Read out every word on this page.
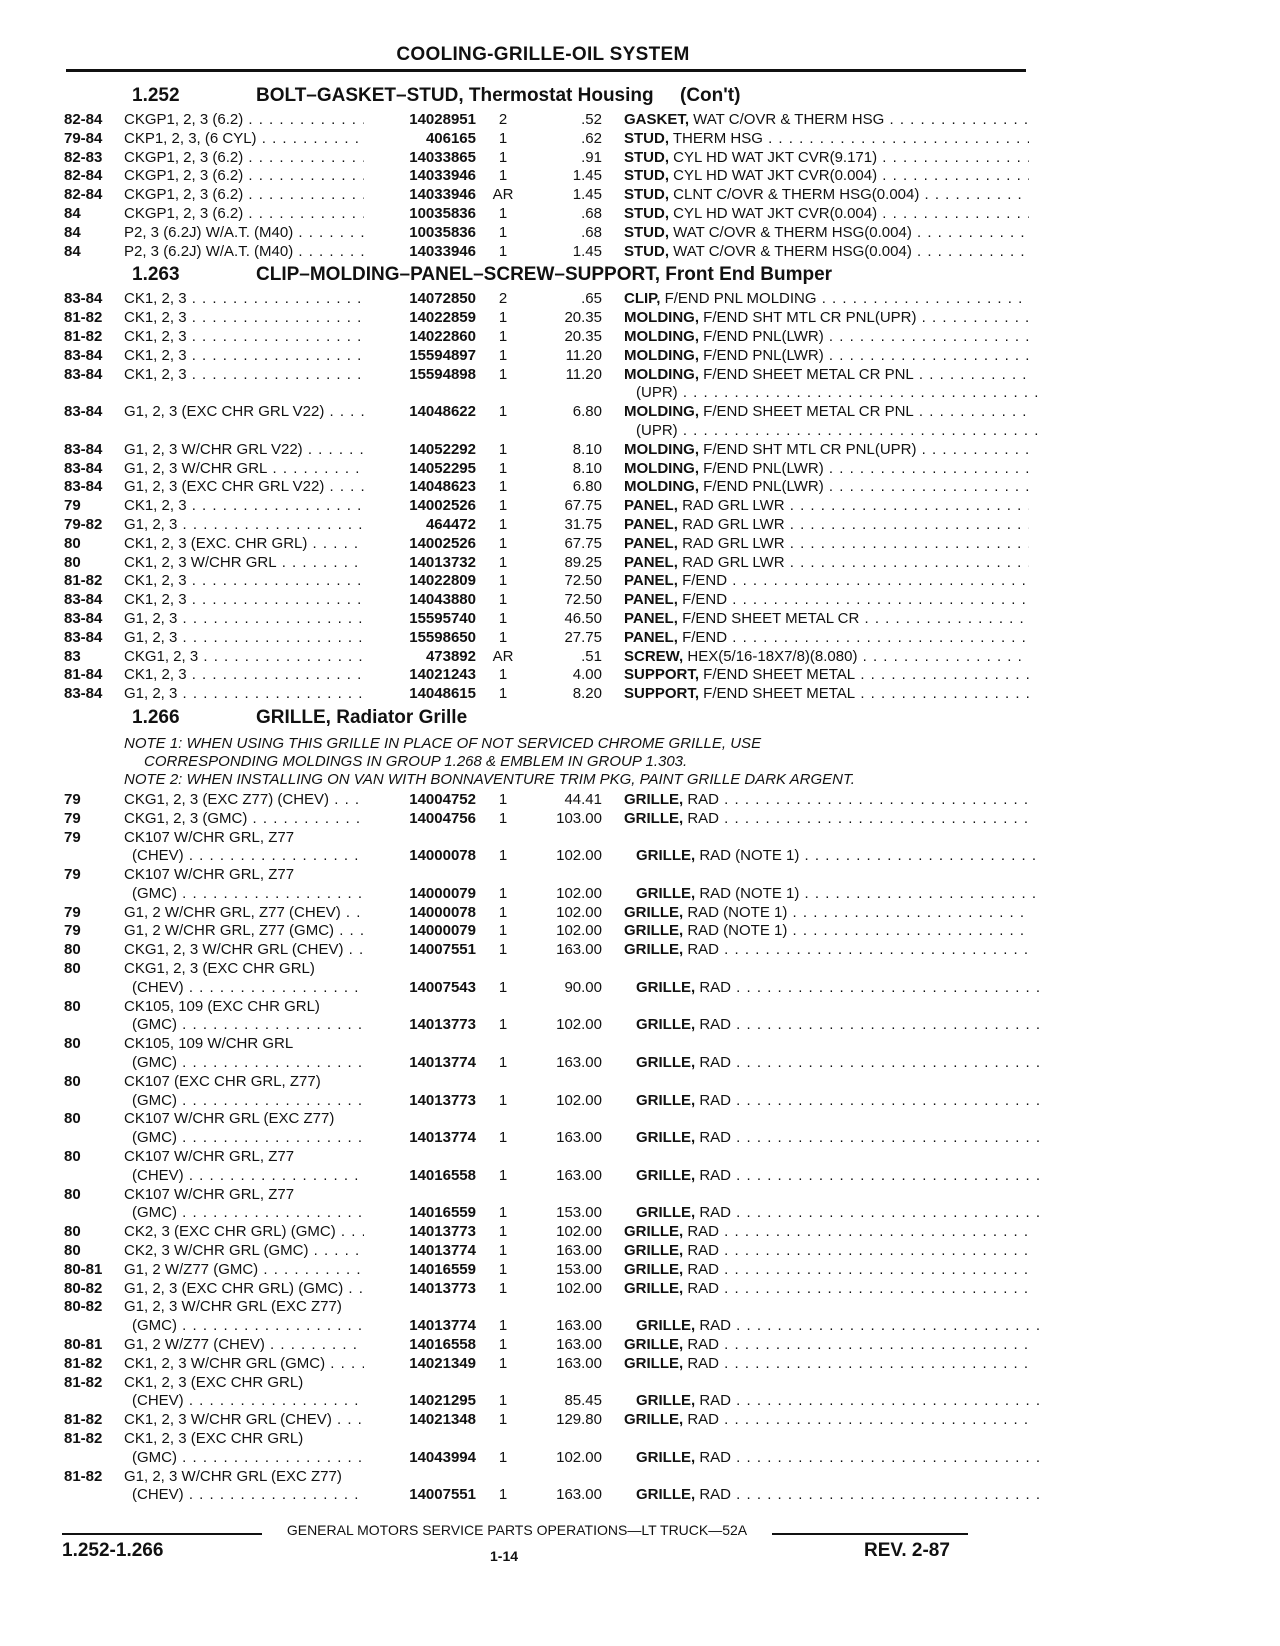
COOLING-GRILLE-OIL SYSTEM
1.252	BOLT–GASKET–STUD, Thermostat Housing     (Con't)
82-84	CKGP1, 2, 3 (6.2) . . .	14028951	2	.52 GASKET, WAT C/OVR & THERM HSG . . .
79-84	CKP1, 2, 3, (6 CYL) . . .	406165	1	.62 STUD, THERM HSG . . .
82-83	CKGP1, 2, 3 (6.2) . . .	14033865	1	.91 STUD, CYL HD WAT JKT CVR(9.171) . . .
82-84	CKGP1, 2, 3 (6.2) . . .	14033946	1	1.45 STUD, CYL HD WAT JKT CVR(0.004) . . .
82-84	CKGP1, 2, 3 (6.2) . . .	14033946	AR	1.45 STUD, CLNT C/OVR & THERM HSG(0.004) . . .
84	CKGP1, 2, 3 (6.2) . . .	10035836	1	.68 STUD, CYL HD WAT JKT CVR(0.004) . . .
84	P2, 3 (6.2J) W/A.T. (M40) . . .	10035836	1	.68 STUD, WAT C/OVR & THERM HSG(0.004) . . .
84	P2, 3 (6.2J) W/A.T. (M40) . . .	14033946	1	1.45 STUD, WAT C/OVR & THERM HSG(0.004) . . .
1.263	CLIP–MOLDING–PANEL–SCREW–SUPPORT, Front End Bumper
83-84	CK1, 2, 3 . . .	14072850	2	.65 CLIP, F/END PNL MOLDING . . .
81-82	CK1, 2, 3 . . .	14022859	1	20.35 MOLDING, F/END SHT MTL CR PNL(UPR) . . .
81-82	CK1, 2, 3 . . .	14022860	1	20.35 MOLDING, F/END PNL(LWR) . . .
83-84	CK1, 2, 3 . . .	15594897	1	11.20 MOLDING, F/END PNL(LWR) . . .
83-84	CK1, 2, 3 . . .	15594898	1	11.20 MOLDING, F/END SHEET METAL CR PNL . . .
(UPR) . . .
83-84	G1, 2, 3 (EXC CHR GRL V22) . . .	14048622	1	6.80 MOLDING, F/END SHEET METAL CR PNL . . .
(UPR) . . .
83-84	G1, 2, 3 W/CHR GRL V22) . . .	14052292	1	8.10 MOLDING, F/END SHT MTL CR PNL(UPR) . . .
83-84	G1, 2, 3 W/CHR GRL . . .	14052295	1	8.10 MOLDING, F/END PNL(LWR) . . .
83-84	G1, 2, 3 (EXC CHR GRL V22) . . .	14048623	1	6.80 MOLDING, F/END PNL(LWR) . . .
79	CK1, 2, 3 . . .	14002526	1	67.75 PANEL, RAD GRL LWR . . .
79-82	G1, 2, 3 . . .	464472	1	31.75 PANEL, RAD GRL LWR . . .
80	CK1, 2, 3 (EXC. CHR GRL) . . .	14002526	1	67.75 PANEL, RAD GRL LWR . . .
80	CK1, 2, 3 W/CHR GRL . . .	14013732	1	89.25 PANEL, RAD GRL LWR . . .
81-82	CK1, 2, 3 . . .	14022809	1	72.50 PANEL, F/END . . .
83-84	CK1, 2, 3 . . .	14043880	1	72.50 PANEL, F/END . . .
83-84	G1, 2, 3 . . .	15595740	1	46.50 PANEL, F/END SHEET METAL CR . . .
83-84	G1, 2, 3 . . .	15598650	1	27.75 PANEL, F/END . . .
83	CKG1, 2, 3 . . .	473892	AR	.51 SCREW, HEX(5/16-18X7/8)(8.080) . . .
81-84	CK1, 2, 3 . . .	14021243	1	4.00 SUPPORT, F/END SHEET METAL . . .
83-84	G1, 2, 3 . . .	14048615	1	8.20 SUPPORT, F/END SHEET METAL . . .
1.266	GRILLE, Radiator Grille
NOTE 1: WHEN USING THIS GRILLE IN PLACE OF NOT SERVICED CHROME GRILLE, USE
CORRESPONDING MOLDINGS IN GROUP 1.268 & EMBLEM IN GROUP 1.303.
NOTE 2: WHEN INSTALLING ON VAN WITH BONNAVENTURE TRIM PKG, PAINT GRILLE DARK ARGENT.
79	CKG1, 2, 3 (EXC Z77) (CHEV) . . .	14004752	1	44.41 GRILLE, RAD . . .
79	CKG1, 2, 3 (GMC) . . .	14004756	1	103.00 GRILLE, RAD . . .
79	CK107 W/CHR GRL, Z77
(CHEV) . . .	14000078	1	102.00 GRILLE, RAD (NOTE 1) . . .
79	CK107 W/CHR GRL, Z77
(GMC) . . .	14000079	1	102.00 GRILLE, RAD (NOTE 1) . . .
79	G1, 2 W/CHR GRL, Z77 (CHEV) . . .	14000078	1	102.00 GRILLE, RAD (NOTE 1) . . .
79	G1, 2 W/CHR GRL, Z77 (GMC) . . .	14000079	1	102.00 GRILLE, RAD (NOTE 1) . . .
80	CKG1, 2, 3 W/CHR GRL (CHEV) . . .	14007551	1	163.00 GRILLE, RAD . . .
80	CKG1, 2, 3 (EXC CHR GRL)
(CHEV) . . .	14007543	1	90.00 GRILLE, RAD . . .
80	CK105, 109 (EXC CHR GRL)
(GMC) . . .	14013773	1	102.00 GRILLE, RAD . . .
80	CK105, 109 W/CHR GRL
(GMC) . . .	14013774	1	163.00 GRILLE, RAD . . .
80	CK107 (EXC CHR GRL, Z77)
(GMC) . . .	14013773	1	102.00 GRILLE, RAD . . .
80	CK107 W/CHR GRL (EXC Z77)
(GMC) . . .	14013774	1	163.00 GRILLE, RAD . . .
80	CK107 W/CHR GRL, Z77
(CHEV) . . .	14016558	1	163.00 GRILLE, RAD . . .
80	CK107 W/CHR GRL, Z77
(GMC) . . .	14016559	1	153.00 GRILLE, RAD . . .
80	CK2, 3 (EXC CHR GRL) (GMC) . . .	14013773	1	102.00 GRILLE, RAD . . .
80	CK2, 3 W/CHR GRL (GMC) . . .	14013774	1	163.00 GRILLE, RAD . . .
80-81	G1, 2 W/Z77 (GMC) . . .	14016559	1	153.00 GRILLE, RAD . . .
80-82	G1, 2, 3 (EXC CHR GRL) (GMC) . . .	14013773	1	102.00 GRILLE, RAD . . .
80-82	G1, 2, 3 W/CHR GRL (EXC Z77)
(GMC) . . .	14013774	1	163.00 GRILLE, RAD . . .
80-81	G1, 2 W/Z77 (CHEV) . . .	14016558	1	163.00 GRILLE, RAD . . .
81-82	CK1, 2, 3 W/CHR GRL (GMC) . . .	14021349	1	163.00 GRILLE, RAD . . .
81-82	CK1, 2, 3 (EXC CHR GRL)
(CHEV) . . .	14021295	1	85.45 GRILLE, RAD . . .
81-82	CK1, 2, 3 W/CHR GRL (CHEV) . . .	14021348	1	129.80 GRILLE, RAD . . .
81-82	CK1, 2, 3 (EXC CHR GRL)
(GMC) . . .	14043994	1	102.00 GRILLE, RAD . . .
81-82	G1, 2, 3 W/CHR GRL (EXC Z77)
(CHEV) . . .	14007551	1	163.00 GRILLE, RAD . . .
GENERAL MOTORS SERVICE PARTS OPERATIONS—LT TRUCK—52A
1.252-1.266	1-14	REV. 2-87
